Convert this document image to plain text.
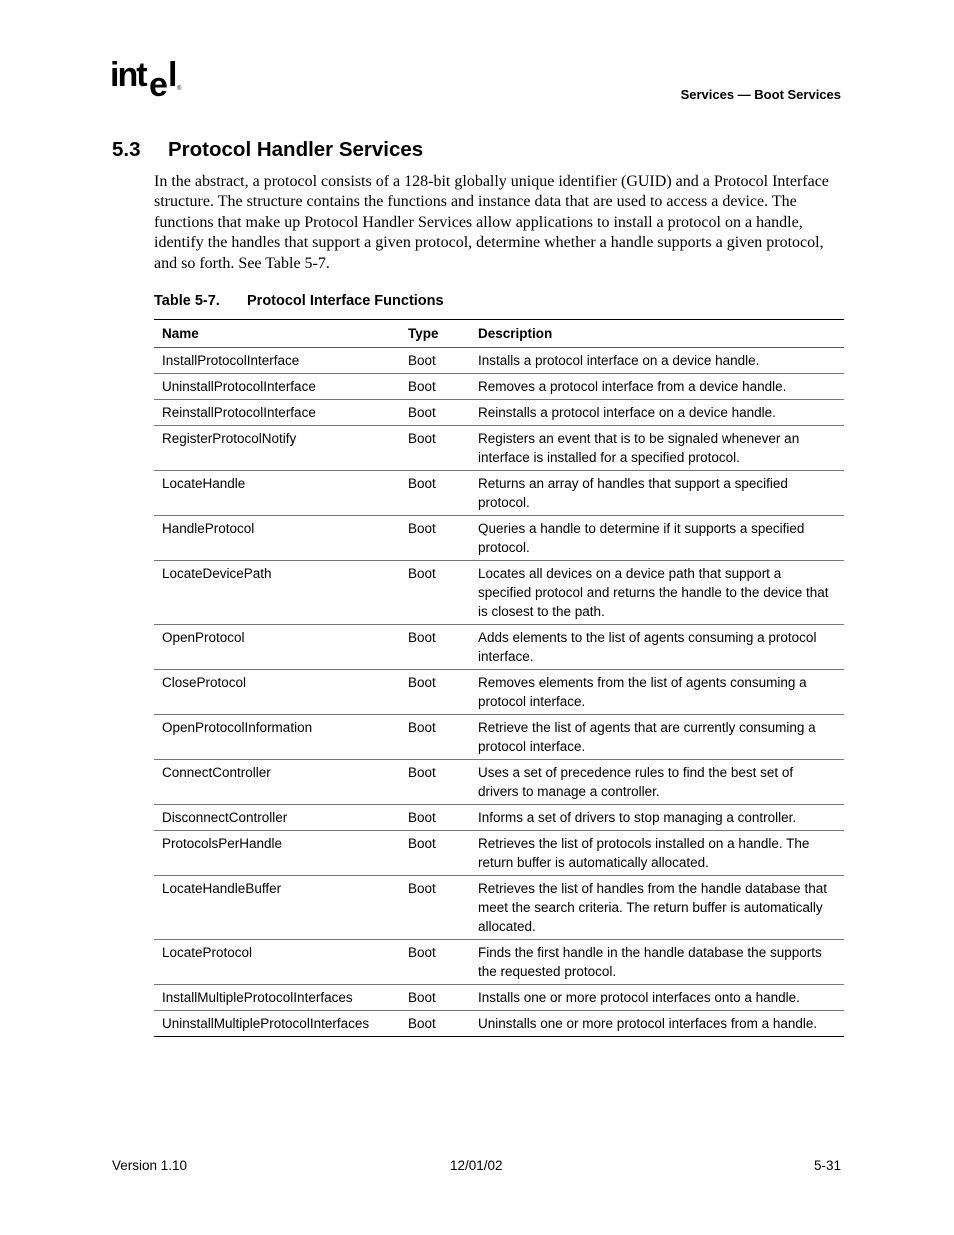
int e l ®	Services — Boot Services
5.3 Protocol Handler Services

In the abstract, a protocol consists of a 128-bit globally unique identifier (GUID) and a Protocol Interface structure. The structure contains the functions and instance data that are used to access a device. The functions that make up Protocol Handler Services allow applications to install a protocol on a handle, identify the handles that support a given protocol, determine whether a handle supports a given protocol, and so forth. See Table 5-7.

Table 5-7. Protocol Interface Functions
Name	Type	Description
InstallProtocolInterface	Boot	Installs a protocol interface on a device handle.
UninstallProtocolInterface	Boot	Removes a protocol interface from a device handle.
ReinstallProtocolInterface	Boot	Reinstalls a protocol interface on a device handle.
RegisterProtocolNotify	Boot	Registers an event that is to be signaled whenever an interface is installed for a specified protocol.
LocateHandle	Boot	Returns an array of handles that support a specified protocol.
HandleProtocol	Boot	Queries a handle to determine if it supports a specified protocol.
LocateDevicePath	Boot	Locates all devices on a device path that support a specified protocol and returns the handle to the device that is closest to the path.
OpenProtocol	Boot	Adds elements to the list of agents consuming a protocol interface.
CloseProtocol	Boot	Removes elements from the list of agents consuming a protocol interface.
OpenProtocolInformation	Boot	Retrieve the list of agents that are currently consuming a protocol interface.
ConnectController	Boot	Uses a set of precedence rules to find the best set of drivers to manage a controller.
DisconnectController	Boot	Informs a set of drivers to stop managing a controller.
ProtocolsPerHandle	Boot	Retrieves the list of protocols installed on a handle. The return buffer is automatically allocated.
LocateHandleBuffer	Boot	Retrieves the list of handles from the handle database that meet the search criteria. The return buffer is automatically allocated.
LocateProtocol	Boot	Finds the first handle in the handle database the supports the requested protocol.
InstallMultipleProtocolInterfaces	Boot	Installs one or more protocol interfaces onto a handle.
UninstallMultipleProtocolInterfaces	Boot	Uninstalls one or more protocol interfaces from a handle.
Version 1.10	12/01/02	5-31
